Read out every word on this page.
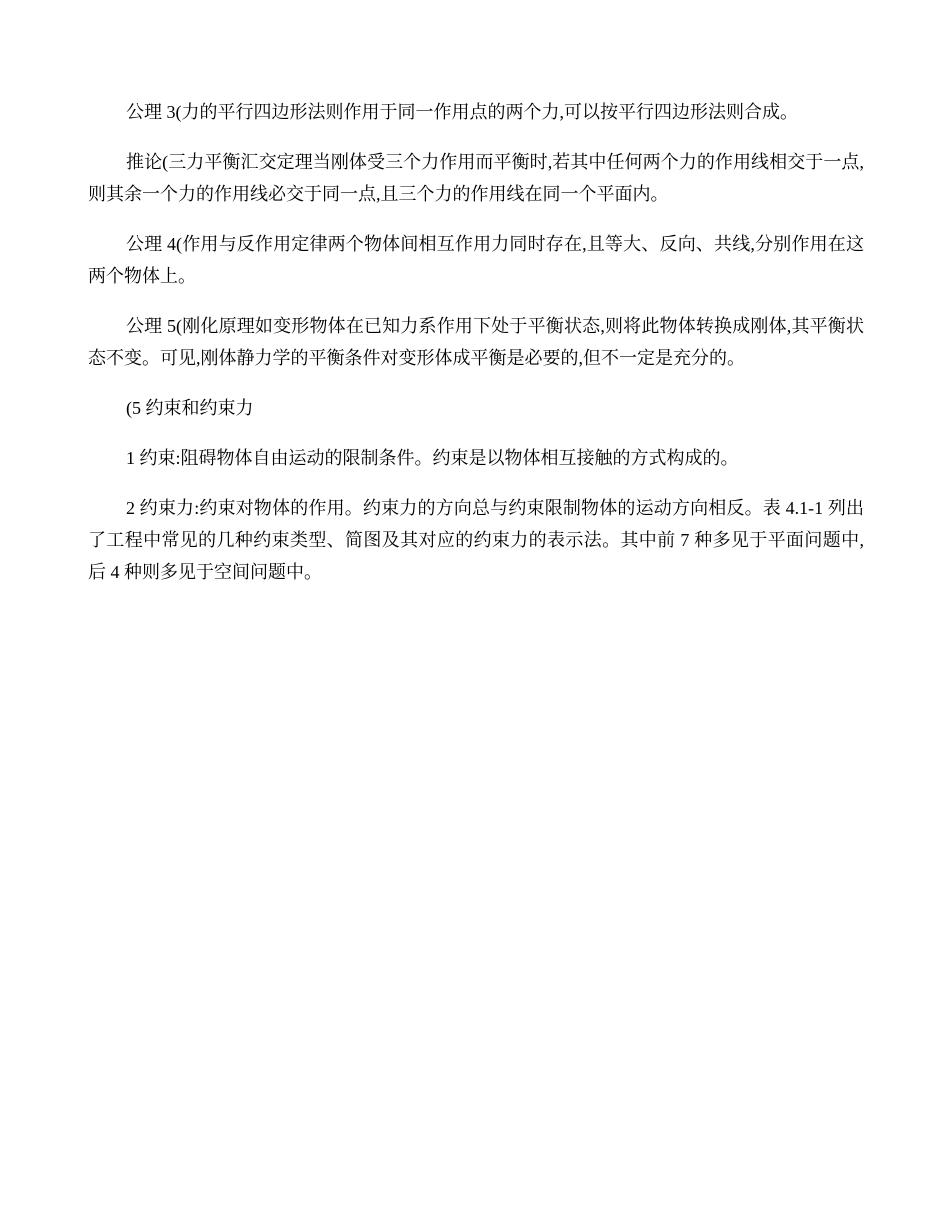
公理 3(力的平行四边形法则作用于同一作用点的两个力,可以按平行四边形法则合成。

推论(三力平衡汇交定理当刚体受三个力作用而平衡时,若其中任何两个力的作用线相交于一点,则其余一个力的作用线必交于同一点,且三个力的作用线在同一个平面内。

公理 4(作用与反作用定律两个物体间相互作用力同时存在,且等大、反向、共线,分别作用在这两个物体上。

公理 5(刚化原理如变形物体在已知力系作用下处于平衡状态,则将此物体转换成刚体,其平衡状态不变。可见,刚体静力学的平衡条件对变形体成平衡是必要的,但不一定是充分的。

(5 约束和约束力

1 约束:阻碍物体自由运动的限制条件。约束是以物体相互接触的方式构成的。

2 约束力:约束对物体的作用。约束力的方向总与约束限制物体的运动方向相反。表 4.1-1 列出了工程中常见的几种约束类型、简图及其对应的约束力的表示法。其中前 7 种多见于平面问题中,后 4 种则多见于空间问题中。
